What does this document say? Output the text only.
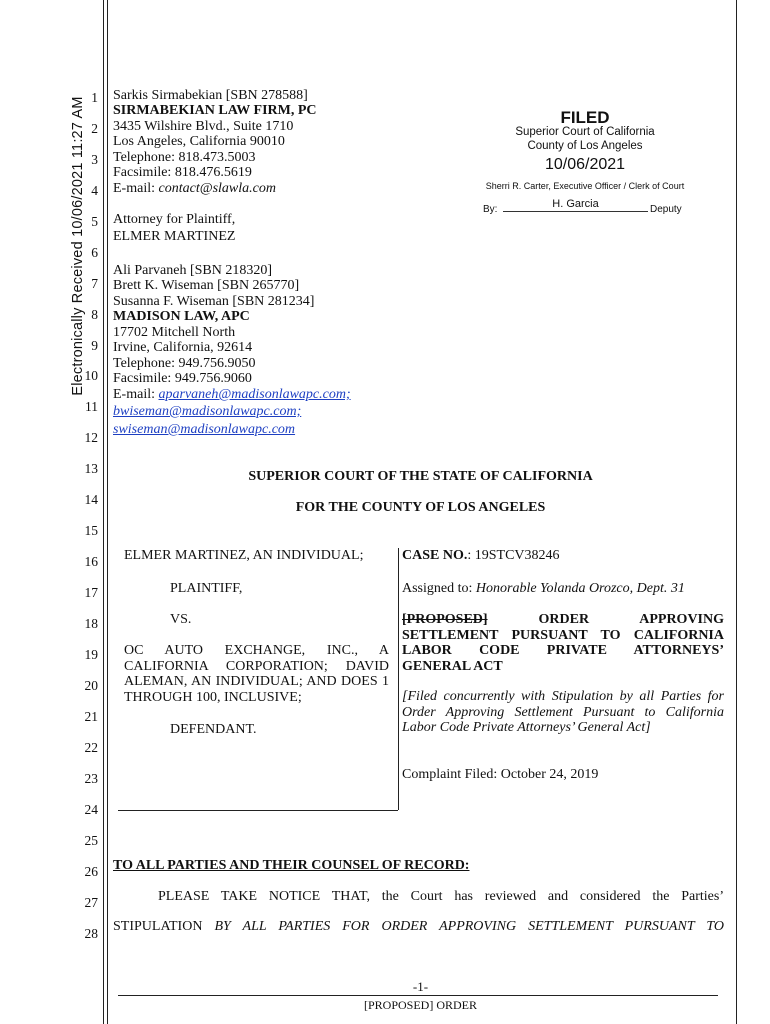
Electronically Received 10/06/2021 11:27 AM 1
2
3
4
5
6
7
8
9
10
11
12
13
14
15
16
17
18
19
20
21
22
23
24
25
26
27
28
Sarkis Sirmabekian [SBN 278588]
SIRMABEKIAN LAW FIRM, PC
3435 Wilshire Blvd., Suite 1710
Los Angeles, California 90010
Telephone: 818.473.5003
Facsimile: 818.476.5619
E-mail: contact@slawla.com
Attorney for Plaintiff,
ELMER MARTINEZ
Ali Parvaneh [SBN 218320]
Brett K. Wiseman [SBN 265770]
Susanna F. Wiseman [SBN 281234]
MADISON LAW, APC
17702 Mitchell North
Irvine, California, 92614
Telephone: 949.756.9050
Facsimile: 949.756.9060
E-mail: aparvaneh@madisonlawapc.com;
bwiseman@madisonlawapc.com;
swiseman@madisonlawapc.com
FILED
Superior Court of California
County of Los Angeles
10/06/2021
Sherri R. Carter, Executive Officer / Clerk of Court
By:	H. Garcia	Deputy
SUPERIOR COURT OF THE STATE OF CALIFORNIA
FOR THE COUNTY OF LOS ANGELES
ELMER MARTINEZ, AN INDIVIDUAL;
PLAINTIFF,
VS.
OC AUTO EXCHANGE, INC., A CALIFORNIA CORPORATION; DAVID ALEMAN, AN INDIVIDUAL; AND DOES 1 THROUGH 100, INCLUSIVE;
DEFENDANT.
CASE NO.: 19STCV38246
Assigned to: Honorable Yolanda Orozco, Dept. 31
[PROPOSED] ORDER APPROVING SETTLEMENT PURSUANT TO CALIFORNIA LABOR CODE PRIVATE ATTORNEYS’ GENERAL ACT
[Filed concurrently with Stipulation by all Parties for Order Approving Settlement Pursuant to California Labor Code Private Attorneys’ General Act]
Complaint Filed: October 24, 2019
TO ALL PARTIES AND THEIR COUNSEL OF RECORD:
PLEASE TAKE NOTICE THAT, the Court has reviewed and considered the Parties’
STIPULATION BY ALL PARTIES FOR ORDER APPROVING SETTLEMENT PURSUANT TO
-1-
[PROPOSED] ORDER
